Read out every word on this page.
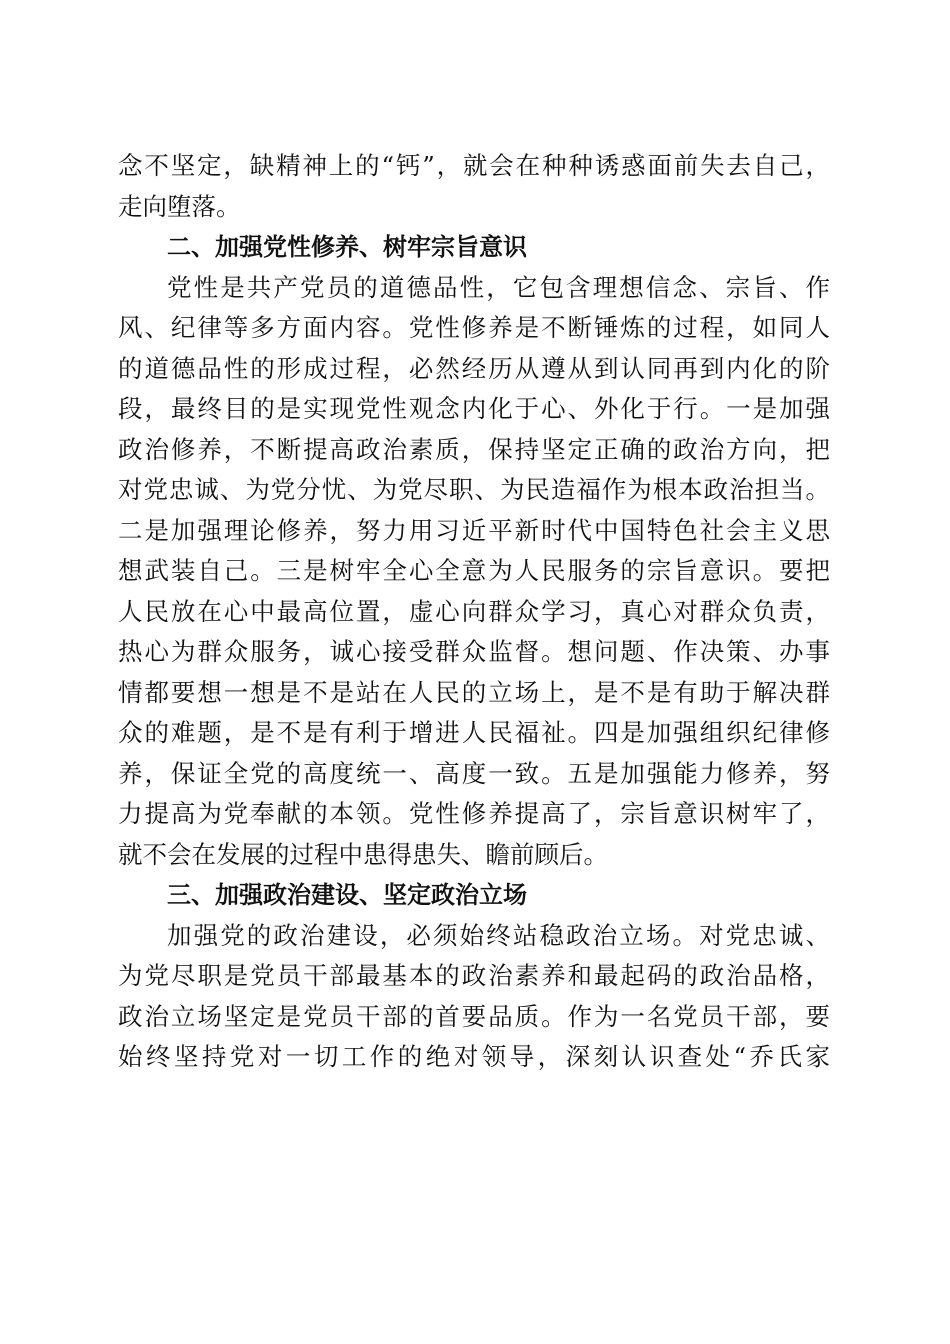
念不坚定，缺精神上的“钙”，就会在种种诱惑面前失去自己，
走向堕落。
二、加强党性修养、树牢宗旨意识
党性是共产党员的道德品性，它包含理想信念、宗旨、作
风、纪律等多方面内容。党性修养是不断锤炼的过程，如同人
的道德品性的形成过程，必然经历从遵从到认同再到内化的阶
段，最终目的是实现党性观念内化于心、外化于行。一是加强
政治修养，不断提高政治素质，保持坚定正确的政治方向，把
对党忠诚、为党分忧、为党尽职、为民造福作为根本政治担当。
二是加强理论修养，努力用习近平新时代中国特色社会主义思
想武装自己。三是树牢全心全意为人民服务的宗旨意识。要把
人民放在心中最高位置，虚心向群众学习，真心对群众负责，
热心为群众服务，诚心接受群众监督。想问题、作决策、办事
情都要想一想是不是站在人民的立场上，是不是有助于解决群
众的难题，是不是有利于增进人民福祉。四是加强组织纪律修
养，保证全党的高度统一、高度一致。五是加强能力修养，努
力提高为党奉献的本领。党性修养提高了，宗旨意识树牢了，
就不会在发展的过程中患得患失、瞻前顾后。
三、加强政治建设、坚定政治立场
加强党的政治建设，必须始终站稳政治立场。对党忠诚、
为党尽职是党员干部最基本的政治素养和最起码的政治品格，
政治立场坚定是党员干部的首要品质。作为一名党员干部，要
始终坚持党对一切工作的绝对领导，深刻认识查处“乔氏家
